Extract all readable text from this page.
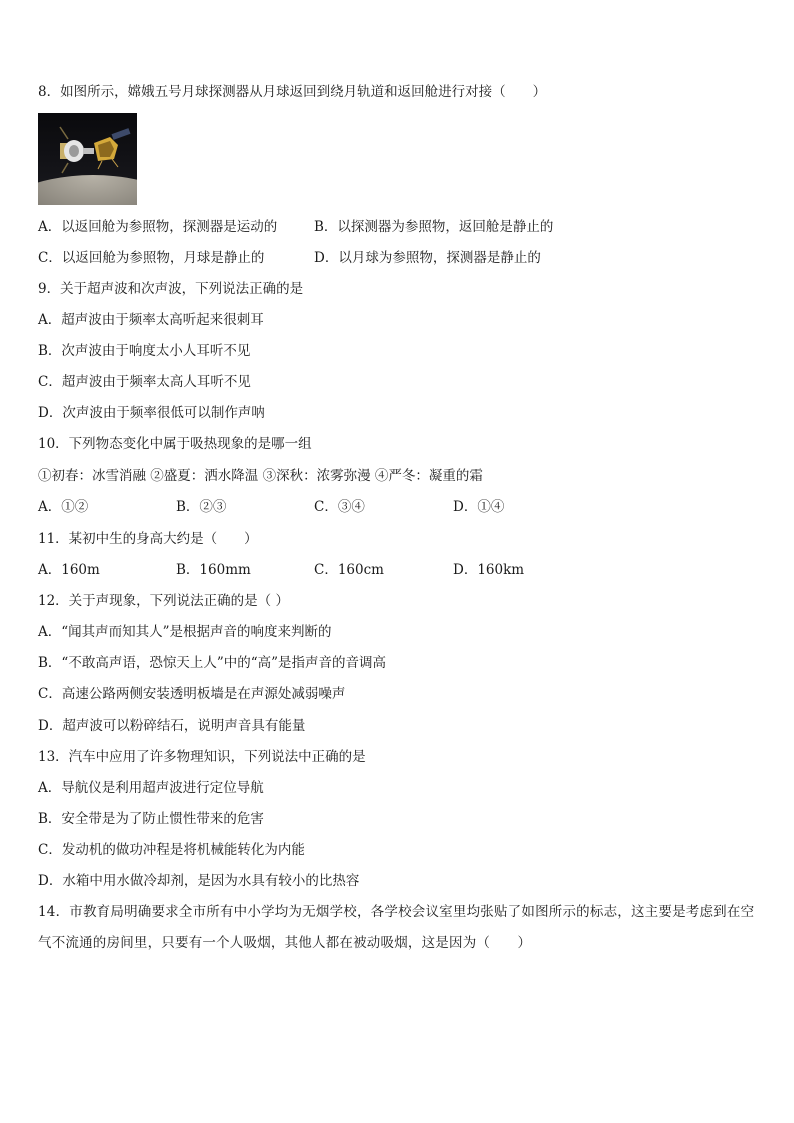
8．如图所示，嫦娥五号月球探测器从月球返回到绕月轨道和返回舱进行对接（　　）
A．以返回舱为参照物，探测器是运动的	B．以探测器为参照物，返回舱是静止的
C．以返回舱为参照物，月球是静止的	D．以月球为参照物，探测器是静止的
9．关于超声波和次声波，下列说法正确的是
A．超声波由于频率太高听起来很刺耳
B．次声波由于响度太小人耳听不见
C．超声波由于频率太高人耳听不见
D．次声波由于频率很低可以制作声呐
10．下列物态变化中属于吸热现象的是哪一组
①初春：冰雪消融 ②盛夏：洒水降温 ③深秋：浓雾弥漫 ④严冬：凝重的霜
A．①②	B．②③	C．③④	D．①④
11．某初中生的身高大约是（　　）
A．160m	B．160mm	C．160cm	D．160km
12．关于声现象，下列说法正确的是（ ）
A．“闻其声而知其人”是根据声音的响度来判断的
B．“不敢高声语，恐惊天上人”中的“高”是指声音的音调高
C．高速公路两侧安装透明板墙是在声源处减弱噪声
D．超声波可以粉碎结石，说明声音具有能量
13．汽车中应用了许多物理知识，下列说法中正确的是
A．导航仪是利用超声波进行定位导航
B．安全带是为了防止惯性带来的危害
C．发动机的做功冲程是将机械能转化为内能
D．水箱中用水做冷却剂，是因为水具有较小的比热容
14．市教育局明确要求全市所有中小学均为无烟学校，各学校会议室里均张贴了如图所示的标志，这主要是考虑到在空气不流通的房间里，只要有一个人吸烟，其他人都在被动吸烟，这是因为（　　）
